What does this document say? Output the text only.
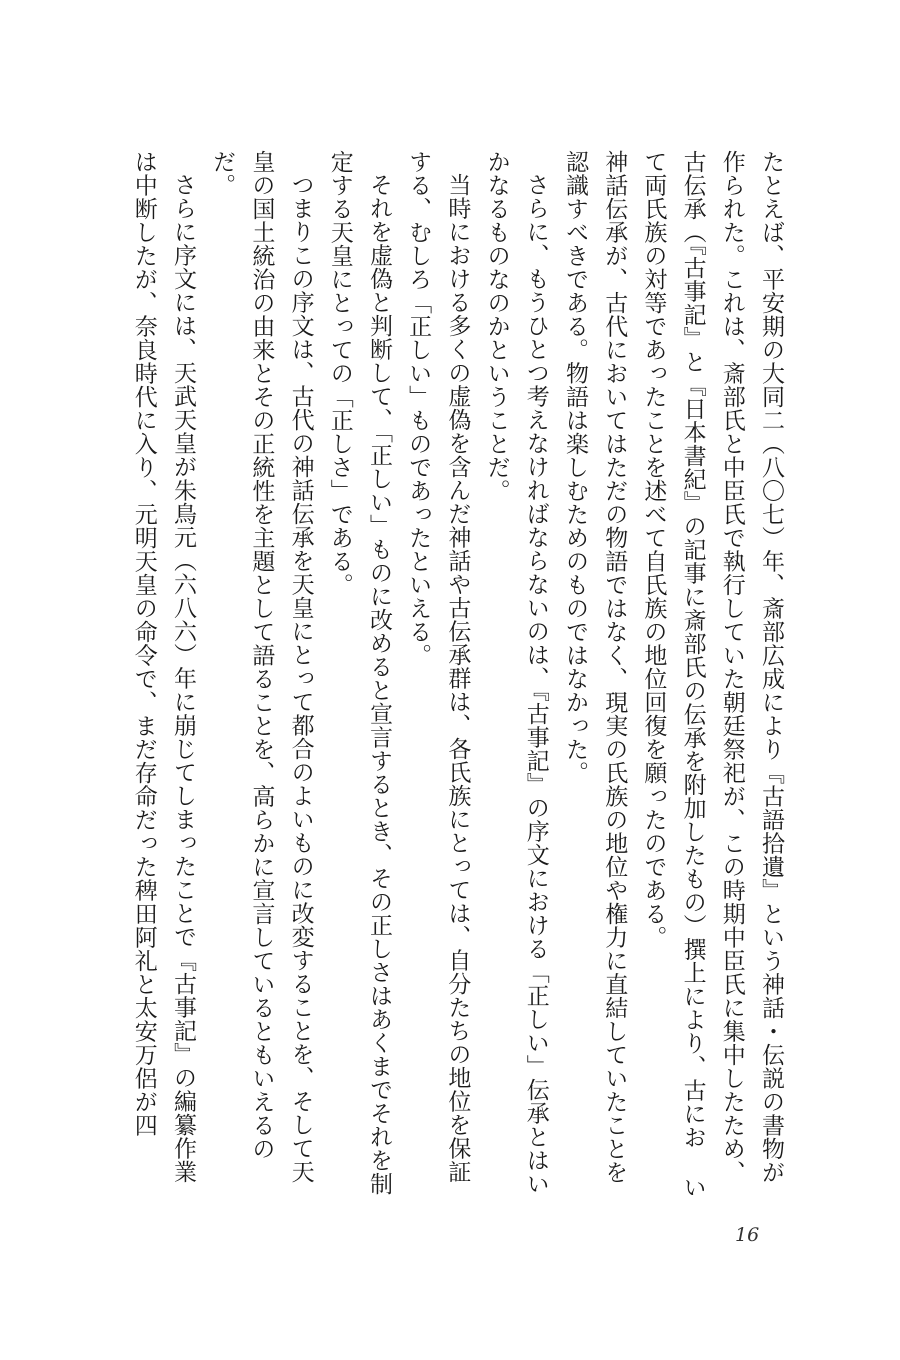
たとえば、平安期の大同二（八〇七）年、斎部広成により『古語拾遺』という神話・伝説の書物が作られた。これは、斎部氏と中臣氏で執行していた朝廷祭祀が、この時期中臣氏に集中したため、古伝承（『古事記』と『日本書紀』の記事に斎部氏の伝承を附加したもの）撰上により、古にお いて両氏族の対等であったことを述べて自氏族の地位回復を願ったのである。

神話伝承が、古代においてはただの物語ではなく、現実の氏族の地位や権力に直結していたことを認識すべきである。物語は楽しむためのものではなかった。

さらに、もうひとつ考えなければならないのは、『古事記』の序文における「正しい」伝承とはいかなるものなのかということだ。

当時における多くの虚偽を含んだ神話や古伝承群は、各氏族にとっては、自分たちの地位を保証する、むしろ「正しい」ものであったといえる。

それを虚偽と判断して、「正しい」ものに改めると宣言するとき、その正しさはあくまでそれを制定する天皇にとっての「正しさ」である。

つまりこの序文は、古代の神話伝承を天皇にとって都合のよいものに改変することを、そして天皇の国土統治の由来とその正統性を主題として語ることを、高らかに宣言しているともいえるのだ。

さらに序文には、天武天皇が朱鳥元（六八六）年に崩じてしまったことで『古事記』の編纂作業は中断したが、奈良時代に入り、元明天皇の命令で、まだ存命だった稗田阿礼と太安万侶が四

16
